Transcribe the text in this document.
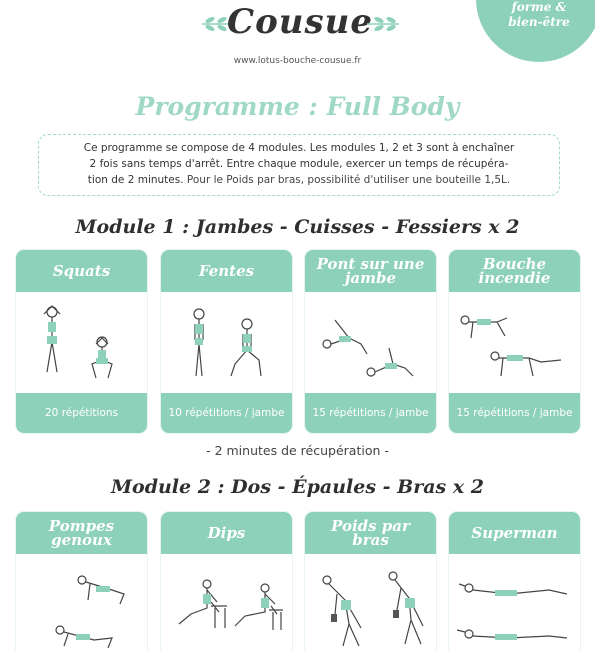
Cousue
www.lotus-bouche-cousue.fr
forme &
bien-être
Programme : Full Body
Ce programme se compose de 4 modules. Les modules 1, 2 et 3 sont à enchaîner
2 fois sans temps d'arrêt. Entre chaque module, exercer un temps de récupéra-
tion de 2 minutes. Pour le Poids par bras, possibilité d'utiliser une bouteille 1,5L.
Module 1 : Jambes - Cuisses - Fessiers x 2
Squats
20 répétitions
Fentes
10 répétitions / jambe
Pont sur une jambe
15 répétitions / jambe
Bouche incendie
15 répétitions / jambe
- 2 minutes de récupération -
Module 2 : Dos - Épaules - Bras x 2
Pompes genoux	Dips	Poids par bras	Superman
